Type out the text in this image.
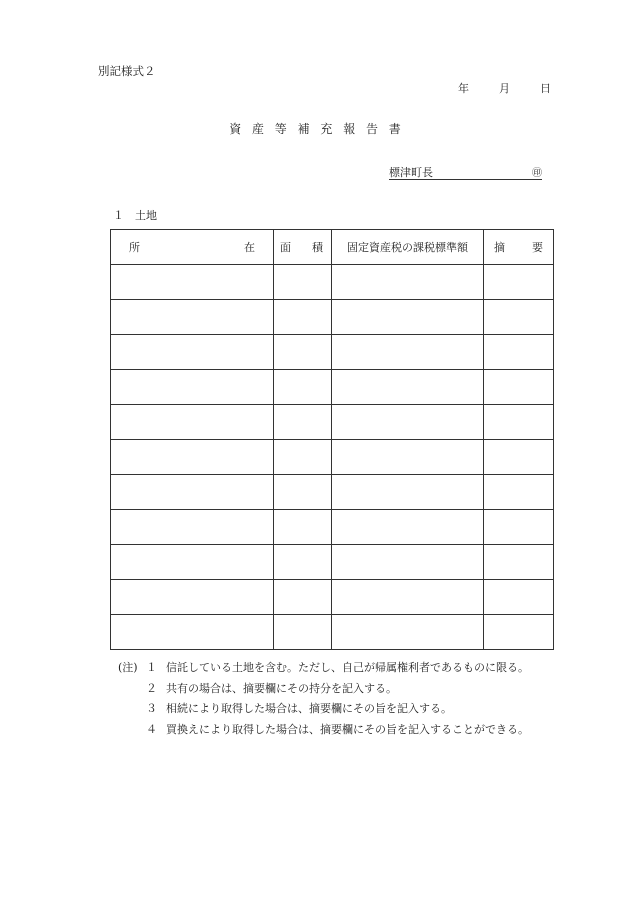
別記様式２
年	月	日
資産等補充報告書
標津町長	㊞
１　土地
所 在	面 積	固定資産税の課税標準額	摘 要

(注) １ 信託している土地を含む。ただし、自己が帰属権利者であるものに限る。
２ 共有の場合は、摘要欄にその持分を記入する。
３ 相続により取得した場合は、摘要欄にその旨を記入する。
４ 買換えにより取得した場合は、摘要欄にその旨を記入することができる。
